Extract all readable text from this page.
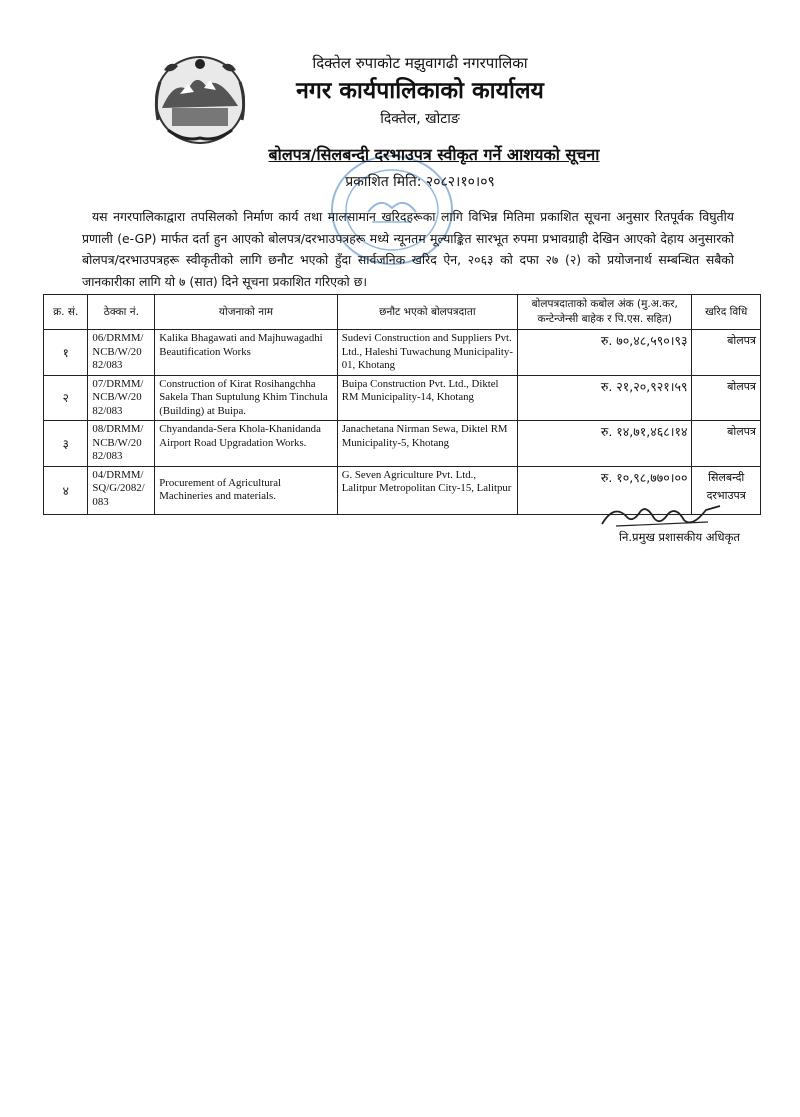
दिक्तेल रुपाकोट मझुवागढी नगरपालिका
नगर कार्यपालिकाको कार्यालय
दिक्तेल, खोटाङ
बोलपत्र/सिलबन्दी दरभाउपत्र स्वीकृत गर्ने आशयको सूचना
प्रकाशित मिति: २०८२।१०।०९
यस नगरपालिकाद्वारा तपसिलको निर्माण कार्य तथा मालसामान खरिदहरूका लागि विभिन्न मितिमा प्रकाशित सूचना अनुसार रितपूर्वक विघुतीय प्रणाली (e-GP) मार्फत दर्ता हुन आएको बोलपत्र/दरभाउपत्रहरू मध्ये न्यूनतम मूल्याङ्कित सारभूत रुपमा प्रभावग्राही देखिन आएको देहाय अनुसारको बोलपत्र/दरभाउपत्रहरू स्वीकृतीको लागि छनौट भएको हुँदा सार्वजनिक खरिद ऐन, २०६३ को दफा २७ (२) को प्रयोजनार्थ सम्बन्धित सबैको जानकारीका लागि यो ७ (सात) दिने सूचना प्रकाशित गरिएको छ।
क्र. सं.	ठेक्का नं.	योजनाको नाम	छनौट भएको बोलपत्रदाता	बोलपत्रदाताको कबोल अंक (मु.अ.कर, कन्टेन्जेन्सी बाहेक र पि.एस. सहित)	खरिद विधि
१	06/DRMM/ NCB/W/20 82/083	Kalika Bhagawati and Majhuwagadhi Beautification Works	Sudevi Construction and Suppliers Pvt. Ltd., Haleshi Tuwachung Municipality-01, Khotang	रु. ७०,४८,५९०।९३	बोलपत्र
२	07/DRMM/ NCB/W/20 82/083	Construction of Kirat Rosihangchha Sakela Than Suptulung Khim Tinchula (Building) at Buipa.	Buipa Construction Pvt. Ltd., Diktel RM Municipality-14, Khotang	रु. २१,२०,९२१।५९	बोलपत्र
३	08/DRMM/ NCB/W/20 82/083	Chyandanda-Sera Khola-Khanidanda Airport Road Upgradation Works.	Janachetana Nirman Sewa, Diktel RM Municipality-5, Khotang	रु. १४,७१,४६८।१४	बोलपत्र
४	04/DRMM/ SQ/G/2082/ 083	Procurement of Agricultural Machineries and materials.	G. Seven Agriculture Pvt. Ltd., Lalitpur Metropolitan City-15, Lalitpur	रु. १०,९८,७७०।००	सिलबन्दी दरभाउपत्र
नि.प्रमुख प्रशासकीय अधिकृत
